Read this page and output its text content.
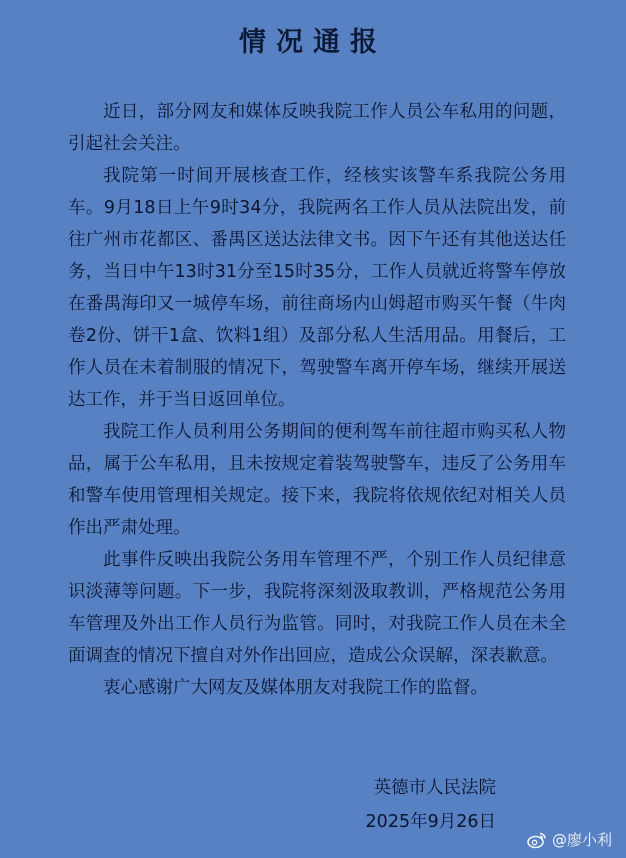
情况通报

近日，部分网友和媒体反映我院工作人员公车私用的问题，引起社会关注。

我院第一时间开展核查工作，经核实该警车系我院公务用车。9月18日上午9时34分，我院两名工作人员从法院出发，前往广州市花都区、番禺区送达法律文书。因下午还有其他送达任务，当日中午13时31分至15时35分，工作人员就近将警车停放在番禺海印又一城停车场，前往商场内山姆超市购买午餐（牛肉卷2份、饼干1盒、饮料1组）及部分私人生活用品。用餐后，工作人员在未着制服的情况下，驾驶警车离开停车场，继续开展送达工作，并于当日返回单位。

我院工作人员利用公务期间的便利驾车前往超市购买私人物品，属于公车私用，且未按规定着装驾驶警车，违反了公务用车和警车使用管理相关规定。接下来，我院将依规依纪对相关人员作出严肃处理。

此事件反映出我院公务用车管理不严，个别工作人员纪律意识淡薄等问题。下一步，我院将深刻汲取教训，严格规范公务用车管理及外出工作人员行为监管。同时，对我院工作人员在未全面调查的情况下擅自对外作出回应，造成公众误解，深表歉意。

衷心感谢广大网友及媒体朋友对我院工作的监督。

英德市人民法院
2025年9月26日
@廖小利
